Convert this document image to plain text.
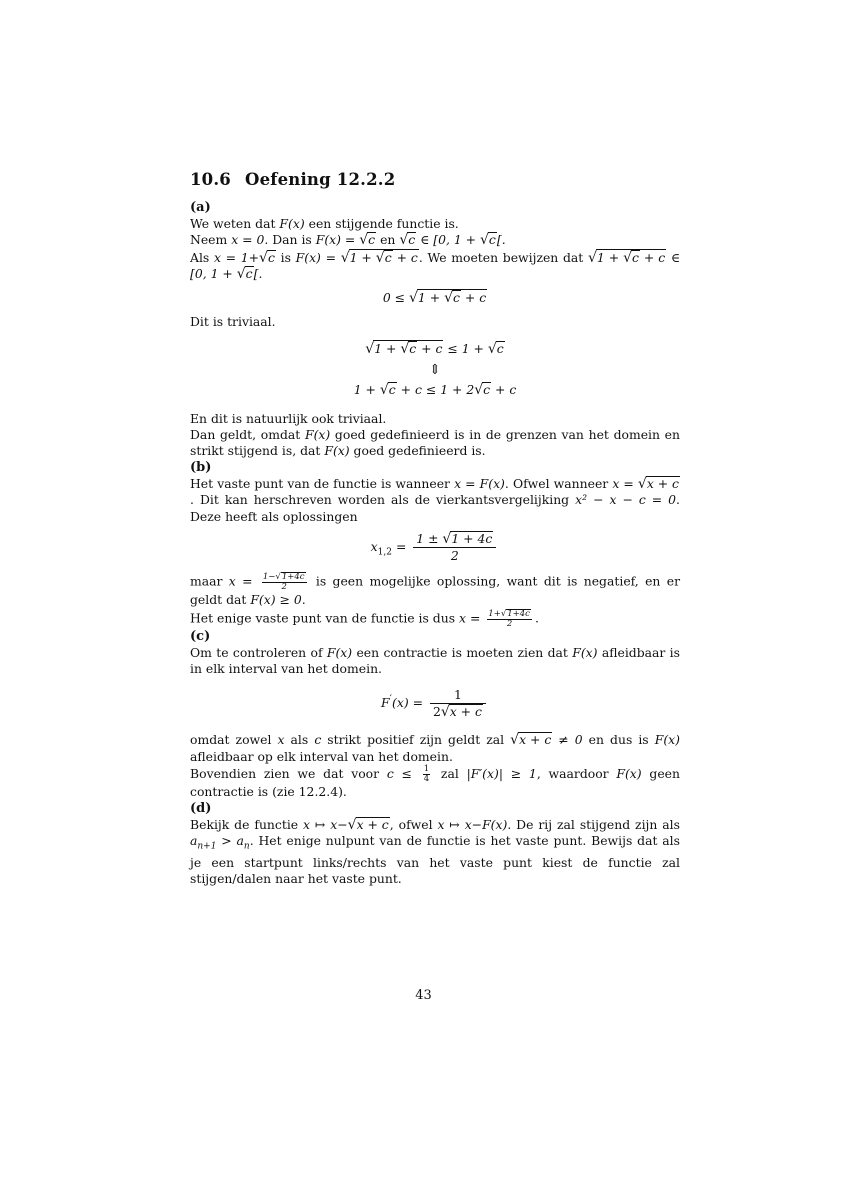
10.6 Oefening 12.2.2
(a)

We weten dat F(x) een stijgende functie is.
Neem x = 0. Dan is F(x) = √c en √c ∈ [0, 1 + √c[.
Als x = 1+√c is F(x) = √1 + √c + c. We moeten bewijzen dat √1 + √c + c ∈ [0, 1 + √c[.

0 ≤ √1 + √c + c

Dit is triviaal.

√1 + √c + c ≤ 1 + √c
⇕
1 + √c + c ≤ 1 + 2√c + c

En dit is natuurlijk ook triviaal.
Dan geldt, omdat F(x) goed gedefinieerd is in de grenzen van het domein en strikt stijgend is, dat F(x) goed gedefinieerd is.

(b)

Het vaste punt van de functie is wanneer x = F(x). Ofwel wanneer x = √x + c. Dit kan herschreven worden als de vierkantsvergelijking x² − x − c = 0. Deze heeft als oplossingen

$x_{1,2} = \frac{1 \pm √1 + 4c}{2}$

maar $x = \frac{1-√1+4c}{2}$ is geen mogelijke oplossing, want dit is negatief, en er geldt dat F(x) ≥ 0.
Het enige vaste punt van de functie is dus $x = \frac{1+√1+4c}{2}$ .

(c)

Om te controleren of F(x) een contractie is moeten zien dat F(x) afleidbaar is in elk interval van het domein.

$F'(x) = \frac{1}{2√x + c}$

omdat zowel x als c strikt positief zijn geldt zal √x + c ≠ 0 en dus is F(x) afleidbaar op elk interval van het domein.
Bovendien zien we dat voor $c \le \frac{1}{4}$ zal |F′(x)| ≥ 1, waardoor F(x) geen contractie is (zie 12.2.4).

(d)

Bekijk de functie x ↦ x−√x + c, ofwel x ↦ x−F(x). De rij zal stijgend zijn als $a_{n+1} > a_n$. Het enige nulpunt van de functie is het vaste punt. Bewijs dat als je een startpunt links/rechts van het vaste punt kiest de functie zal stijgen/dalen naar het vaste punt.

43
